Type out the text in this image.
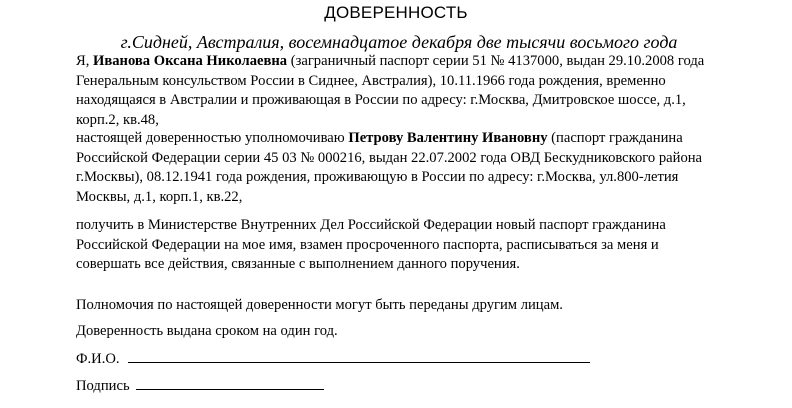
ДОВЕРЕННОСТЬ
г.Сидней, Австралия, восемнадцатое декабря две тысячи восьмого года

Я, Иванова Оксана Николаевна (заграничный паспорт серии 51 № 4137000, выдан 29.10.2008 года Генеральным консульством России в Сиднее, Австралия), 10.11.1966 года рождения, временно находящаяся в Австралии и проживающая в России по адресу: г.Москва, Дмитровское шоссе, д.1, корп.2, кв.48,

настоящей доверенностью уполномочиваю Петрову Валентину Ивановну (паспорт гражданина Российской Федерации серии 45 03 № 000216, выдан 22.07.2002 года ОВД Бескудниковского района г.Москвы), 08.12.1941 года рождения, проживающую в России по адресу: г.Москва, ул.800-летия Москвы, д.1, корп.1, кв.22,

получить в Министерстве Внутренних Дел Российской Федерации новый паспорт гражданина Российской Федерации на мое имя, взамен просроченного паспорта, расписываться за меня и совершать все действия, связанные с выполнением данного поручения.

Полномочия по настоящей доверенности могут быть переданы другим лицам.

Доверенность выдана сроком на один год.

Ф.И.О.
Подпись
